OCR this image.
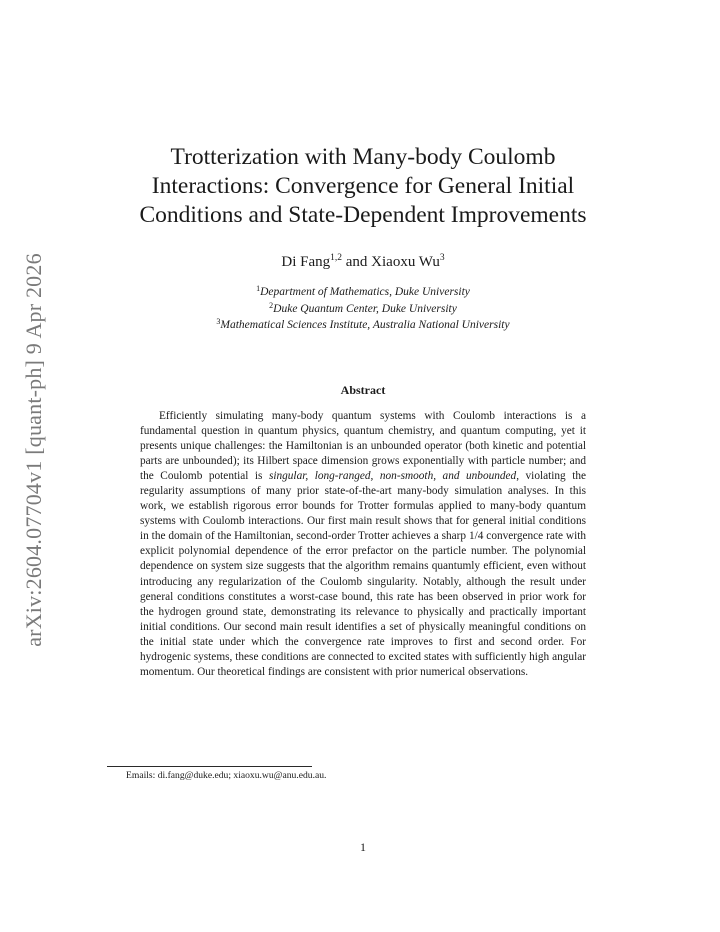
arXiv:2604.07704v1 [quant-ph] 9 Apr 2026
Trotterization with Many-body Coulomb Interactions: Convergence for General Initial Conditions and State-Dependent Improvements
Di Fang$^{1,2}$ and Xiaoxu Wu$^3$
$^1$Department of Mathematics, Duke University
$^2$Duke Quantum Center, Duke University
$^3$Mathematical Sciences Institute, Australia National University
Abstract

Efficiently simulating many-body quantum systems with Coulomb interactions is a fundamental question in quantum physics, quantum chemistry, and quantum computing, yet it presents unique challenges: the Hamiltonian is an unbounded operator (both kinetic and potential parts are unbounded); its Hilbert space dimension grows exponentially with particle number; and the Coulomb potential is singular, long-ranged, non-smooth, and unbounded, violating the regularity assumptions of many prior state-of-the-art many-body simulation analyses. In this work, we establish rigorous error bounds for Trotter formulas applied to many-body quantum systems with Coulomb interactions. Our first main result shows that for general initial conditions in the domain of the Hamiltonian, second-order Trotter achieves a sharp 1/4 convergence rate with explicit polynomial dependence of the error prefactor on the particle number. The polynomial dependence on system size suggests that the algorithm remains quantumly efficient, even without introducing any regularization of the Coulomb singularity. Notably, although the result under general conditions constitutes a worst-case bound, this rate has been observed in prior work for the hydrogen ground state, demonstrating its relevance to physically and practically important initial conditions. Our second main result identifies a set of physically meaningful conditions on the initial state under which the convergence rate improves to first and second order. For hydrogenic systems, these conditions are connected to excited states with sufficiently high angular momentum. Our theoretical findings are consistent with prior numerical observations.

Emails: di.fang@duke.edu; xiaoxu.wu@anu.edu.au.
1
